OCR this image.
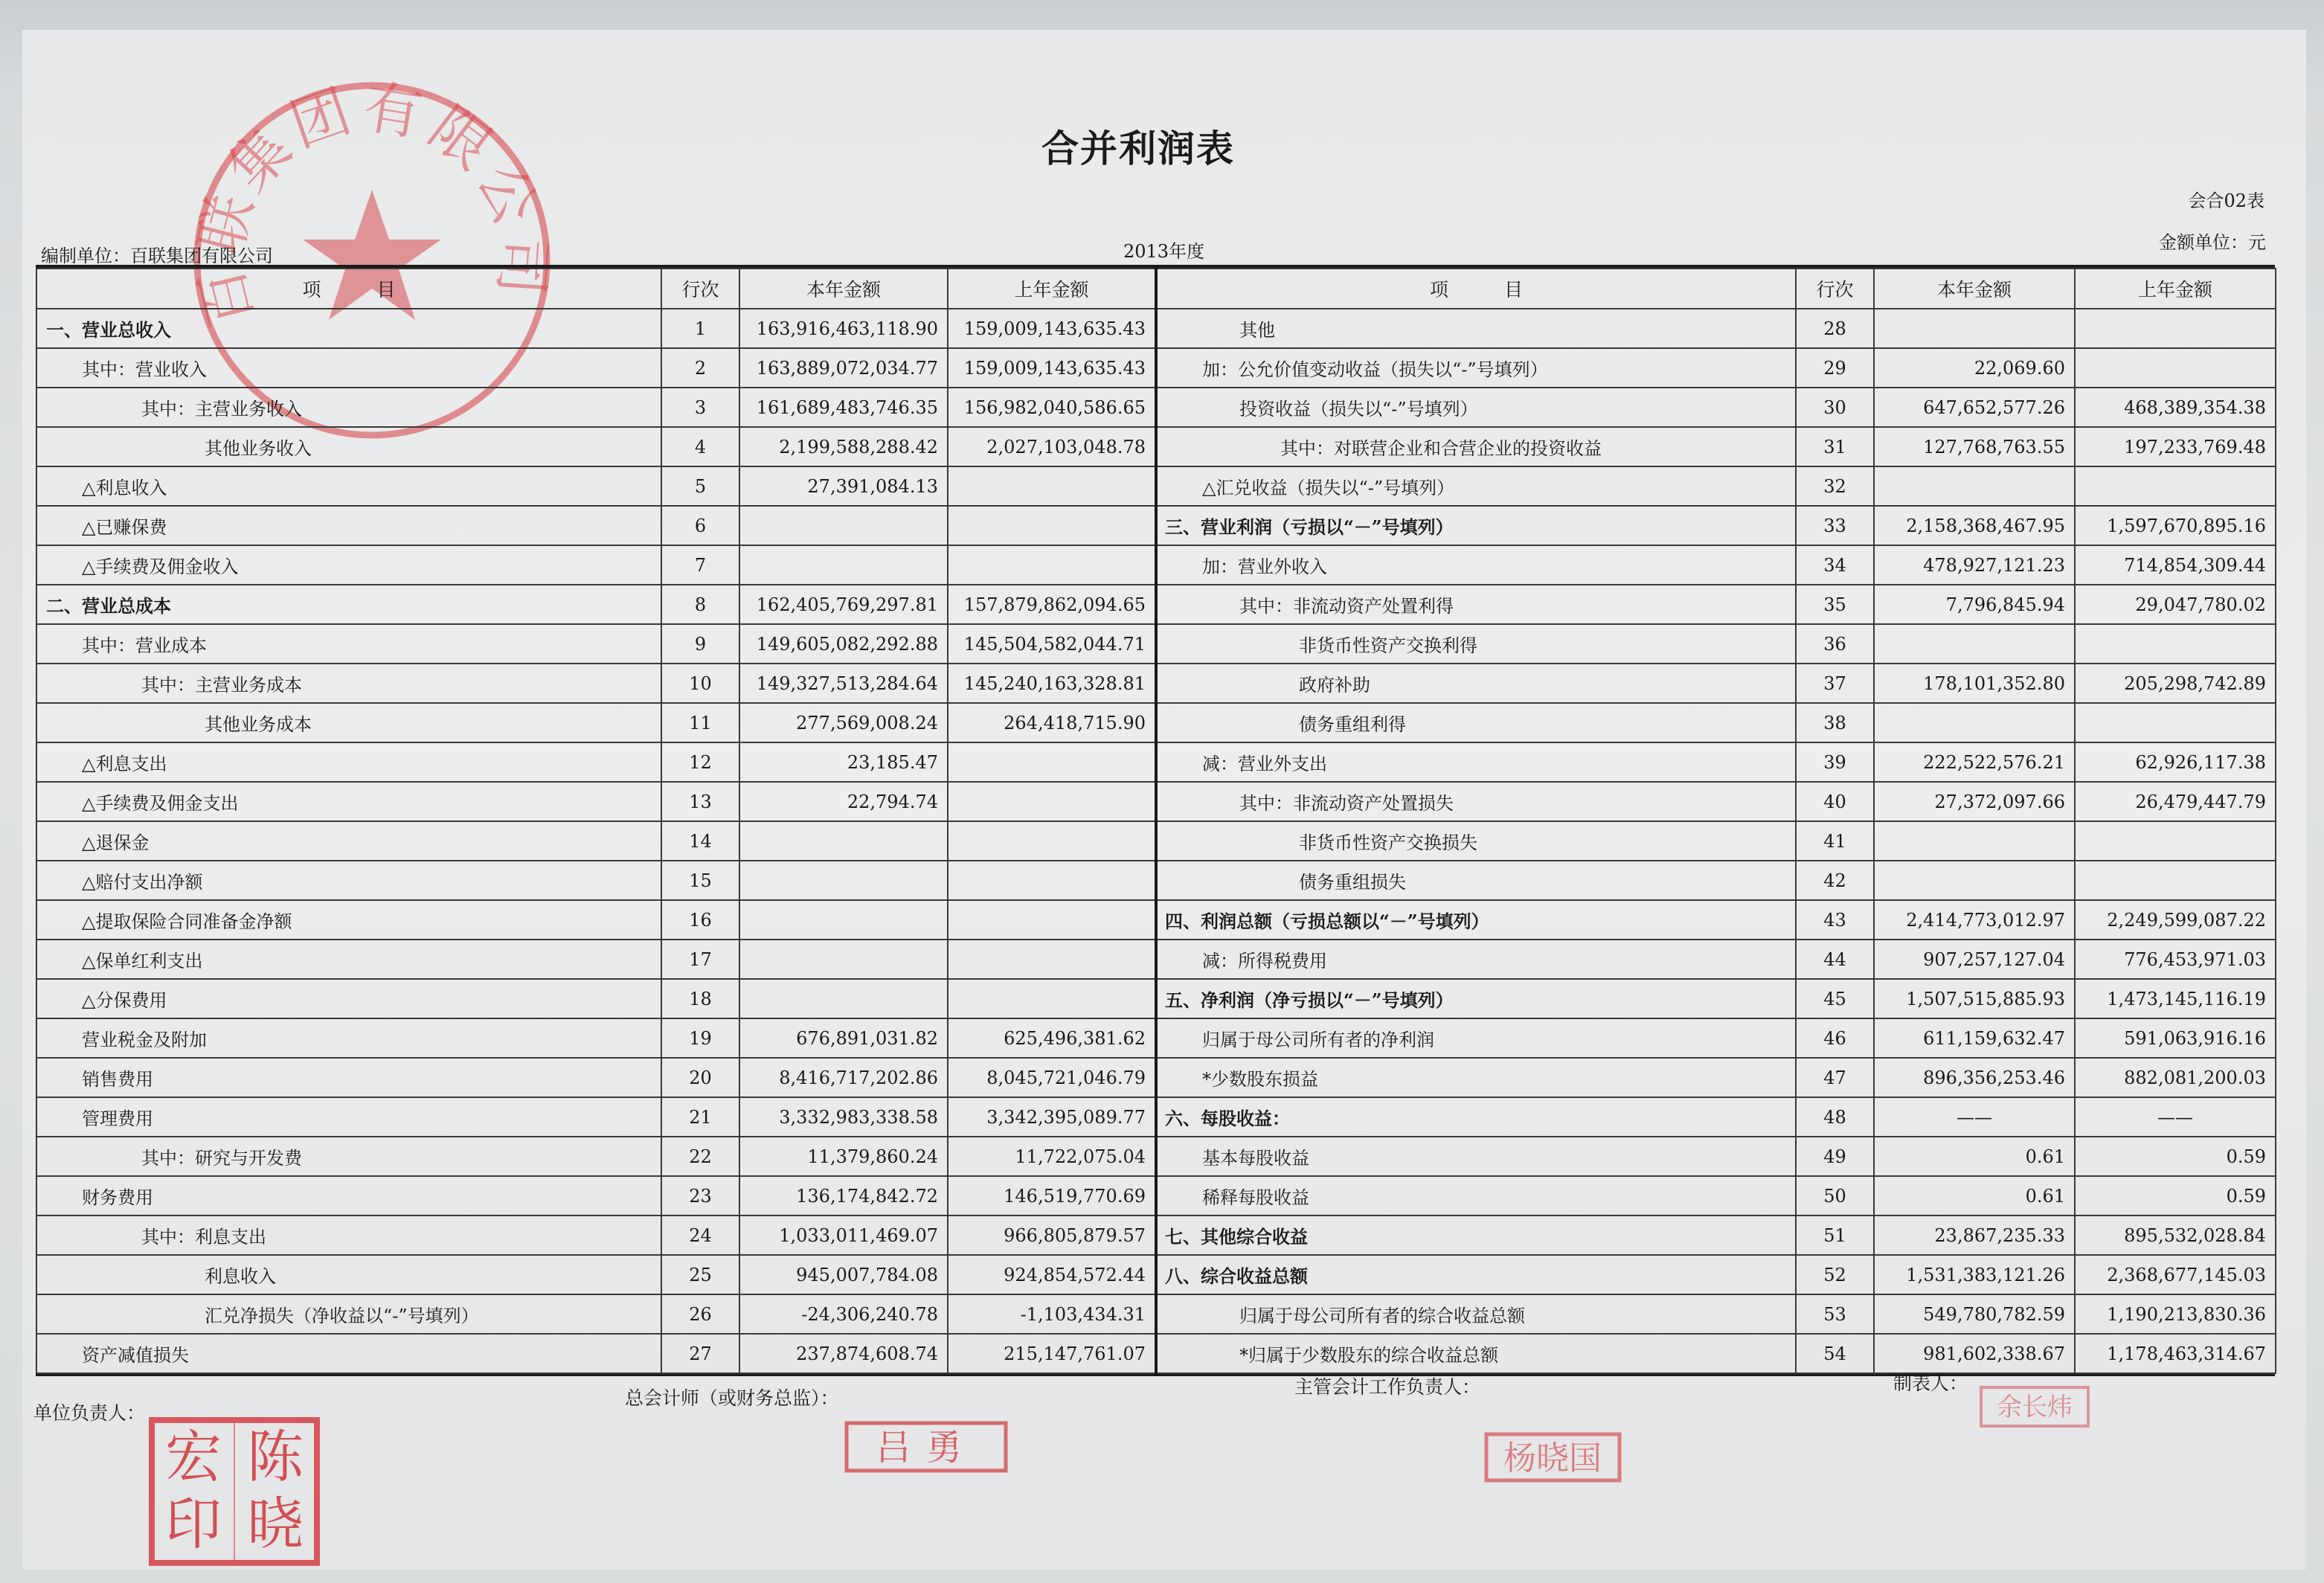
百联集团有限公司
合并利润表
会合02表
编制单位：百联集团有限公司	2013年度	金额单位：元
项　　　目	行次	本年金额	上年金额	项　　　目	行次	本年金额	上年金额
一、营业总收入	1	163,916,463,118.90	159,009,143,635.43	其他	28		
其中：营业收入	2	163,889,072,034.77	159,009,143,635.43	加：公允价值变动收益（损失以“-”号填列）	29	22,069.60	
其中：主营业务收入	3	161,689,483,746.35	156,982,040,586.65	投资收益（损失以“-”号填列）	30	647,652,577.26	468,389,354.38
其他业务收入	4	2,199,588,288.42	2,027,103,048.78	其中：对联营企业和合营企业的投资收益	31	127,768,763.55	197,233,769.48
△利息收入	5	27,391,084.13		△汇兑收益（损失以“-”号填列）	32		
△已赚保费	6			三、营业利润（亏损以“－”号填列）	33	2,158,368,467.95	1,597,670,895.16
△手续费及佣金收入	7			加：营业外收入	34	478,927,121.23	714,854,309.44
二、营业总成本	8	162,405,769,297.81	157,879,862,094.65	其中：非流动资产处置利得	35	7,796,845.94	29,047,780.02
其中：营业成本	9	149,605,082,292.88	145,504,582,044.71	非货币性资产交换利得	36		
其中：主营业务成本	10	149,327,513,284.64	145,240,163,328.81	政府补助	37	178,101,352.80	205,298,742.89
其他业务成本	11	277,569,008.24	264,418,715.90	债务重组利得	38		
△利息支出	12	23,185.47		减：营业外支出	39	222,522,576.21	62,926,117.38
△手续费及佣金支出	13	22,794.74		其中：非流动资产处置损失	40	27,372,097.66	26,479,447.79
△退保金	14			非货币性资产交换损失	41		
△赔付支出净额	15			债务重组损失	42		
△提取保险合同准备金净额	16			四、利润总额（亏损总额以“－”号填列）	43	2,414,773,012.97	2,249,599,087.22
△保单红利支出	17			减：所得税费用	44	907,257,127.04	776,453,971.03
△分保费用	18			五、净利润（净亏损以“－”号填列）	45	1,507,515,885.93	1,473,145,116.19
营业税金及附加	19	676,891,031.82	625,496,381.62	归属于母公司所有者的净利润	46	611,159,632.47	591,063,916.16
销售费用	20	8,416,717,202.86	8,045,721,046.79	*少数股东损益	47	896,356,253.46	882,081,200.03
管理费用	21	3,332,983,338.58	3,342,395,089.77	六、每股收益：	48	——	——
其中：研究与开发费	22	11,379,860.24	11,722,075.04	基本每股收益	49	0.61	0.59
财务费用	23	136,174,842.72	146,519,770.69	稀释每股收益	50	0.61	0.59
其中：利息支出	24	1,033,011,469.07	966,805,879.57	七、其他综合收益	51	23,867,235.33	895,532,028.84
利息收入	25	945,007,784.08	924,854,572.44	八、综合收益总额	52	1,531,383,121.26	2,368,677,145.03
汇兑净损失（净收益以“-”号填列）	26	-24,306,240.78	-1,103,434.31	归属于母公司所有者的综合收益总额	53	549,780,782.59	1,190,213,830.36
资产减值损失	27	237,874,608.74	215,147,761.07	*归属于少数股东的综合收益总额	54	981,602,338.67	1,178,463,314.67
单位负责人：
总会计师（或财务总监）：
主管会计工作负责人：	制表人：
陈
晓
宏
印
吕勇	杨晓国
余长炜
